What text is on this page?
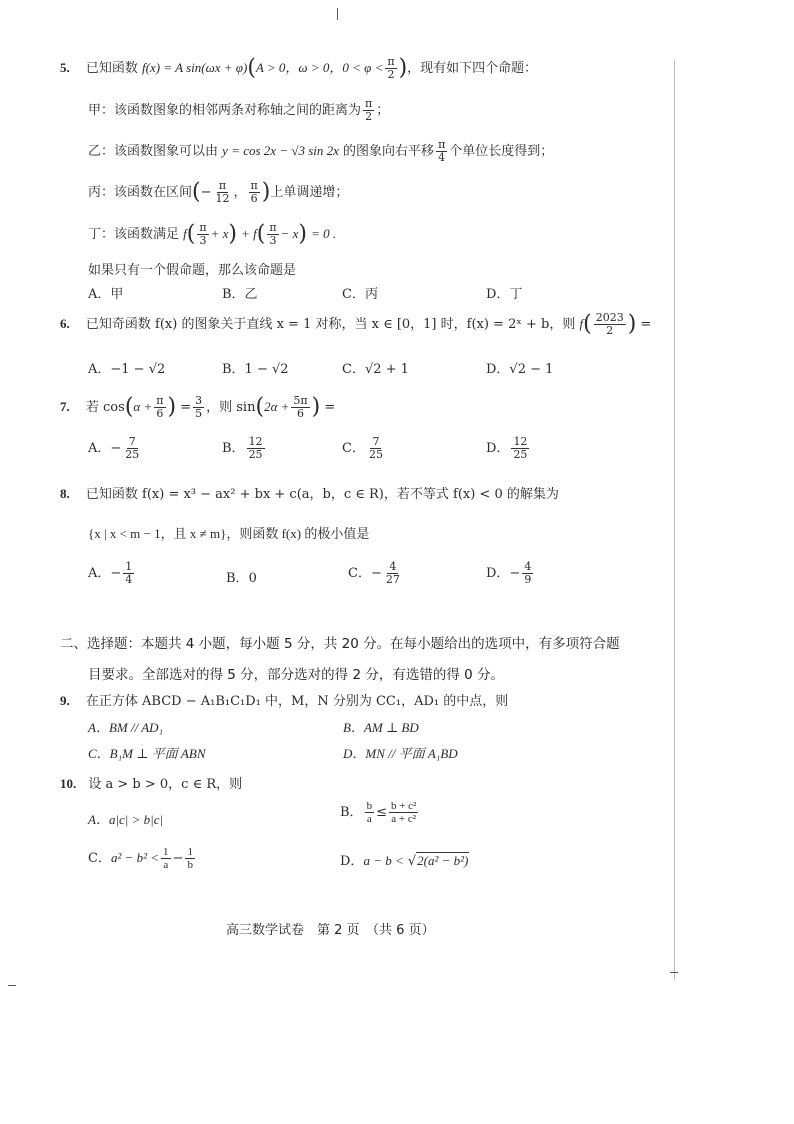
5. 已知函数 f(x) = A sin(ωx + φ)(A > 0，ω > 0，$0 < \varphi < \frac{\pi}{2}$ )，现有如下四个命题：
甲：该函数图象的相邻两条对称轴之间的距离为 $\frac{\pi}{2}$ ；
乙：该函数图象可以由 y = cos 2x − √3 sin 2x 的图象向右平移 $\frac{\pi}{4}$ 个单位长度得到；
丙：该函数在区间(− $\frac{\pi}{12}$ ， $\frac{\pi}{6}$ )上单调递增；
丁：该函数满足 $f( \frac{\pi}{3} + x) + f( \frac{\pi}{3} - x) = 0$ .
如果只有一个假命题，那么该命题是
A．甲	B．乙	C．丙	D．丁
6. 已知奇函数 f(x) 的图象关于直线 x = 1 对称，当 x ∈ [0，1] 时，f(x) = 2ˣ + b，则 $f( \frac{2023}{2}$ ) =
A．−1 − √2	B．1 − √2	C．√2 + 1	D．√2 − 1
7. 若 $\cos(\alpha + \frac{\pi}{6}$ ) = $\frac{3}{5}$ ，则 $\sin(2\alpha + \frac{5\pi}{6}$ ) =
A．− $\frac{7}{25}$	B． $\frac{12}{25}$	C． $\frac{7}{25}$	D． $\frac{12}{25}$
8. 已知函数 f(x) = x³ − ax² + bx + c(a，b，c ∈ R)，若不等式 f(x) < 0 的解集为
{x | x < m − 1，且 x ≠ m}，则函数 f(x) 的极小值是
A．− $\frac{1}{4}$	B．0	C．− $\frac{4}{27}$	D．− $\frac{4}{9}$
二、选择题：本题共 4 小题，每小题 5 分，共 20 分。在每小题给出的选项中，有多项符合题
目要求。全部选对的得 5 分，部分选对的得 2 分，有选错的得 0 分。
9. 在正方体 ABCD − A₁B₁C₁D₁ 中，M，N 分别为 CC₁，AD₁ 的中点，则
A．BM // AD₁	B．AM ⊥ BD
C．B₁M ⊥ 平面 ABN	D．MN // 平面 A₁BD
10. 设 a > b > 0，c ∈ R，则
A．a|c| > b|c|	B． $\frac{b}{a} \le \frac{\text{b + c²}}{\text{a + c²}}$
C．$a^2 - b^2 < \frac{1}{a} - \frac{1}{b}$	D．a − b < √2(a² − b²)
高三数学试卷　第 2 页　（共 6 页）
